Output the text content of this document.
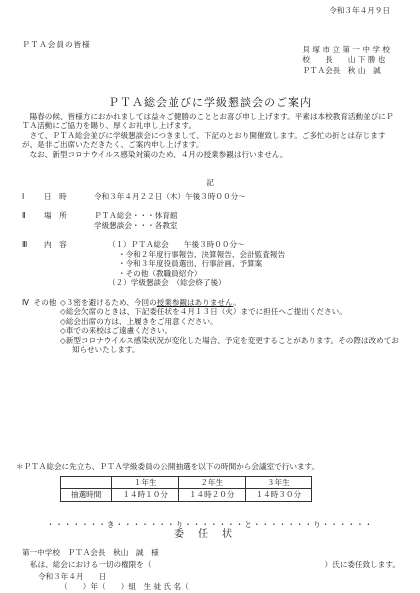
令和３年４月９日
ＰＴＡ会員の皆様
貝 塚 市 立 第 一 中 学 校
校　　長　　山 下 勝 也
ＰＴＡ会長　秋 山　誠
ＰＴＡ総会並びに学級懇談会のご案内

陽春の候、皆様方におかれましては益々ご健勝のこととお喜び申し上げます。平素は本校教育活動並びにＰＴＡ活動にご協力を賜り、厚くお礼申し上げます。

さて、ＰＴＡ総会並びに学級懇談会につきまして、下記のとおり開催致します。ご多忙の折とは存じますが、是非ご出席いただきたく、ご案内申し上げます。

なお、新型コロナウイルス感染対策のため、４月の授業参観は行いません。

記
Ⅰ	日　時	令和３年４月２２日（木）午後３時００分～
Ⅱ	場　所	ＰＴＡ総会・・・体育館
学級懇談会・・・各教室
Ⅲ	内　容	（１）ＰＴＡ総会　　午後３時００分～
・令和２年度行事報告、決算報告、会計監査報告
・令和３年度役員選出、行事計画、予算案
・その他（教職員紹介）
（２）学級懇談会　（総会終了後）
Ⅳ その他 ◇３密を避けるため、今回の授業参観はありません。
◇総会欠席のときは、下記委任状を４月１３日（火）までに担任へご提出ください。
◇総会出席の方は、上履きをご用意ください。
◇車での来校はご遠慮ください。
◇新型コロナウイルス感染状況が変化した場合、予定を変更することがあります。その際は改めてお知らせいたします。
＊ＰＴＡ総会に先立ち、ＰＴＡ学級委員の公開抽選を以下の時間から会議室で行います。
	１年生	２年生	３年生
抽選時間	１４時１０分	１４時２０分	１４時３０分
・・・・・・・き・・・・・・・り・・・・・・・と・・・・・・・り・・・・・・
委任状
第一中学校　ＰＴＡ会長　秋山　誠　様
私は、総会における一切の権限を（	）氏に委任致します。
令和３年４月　　日
（　　）年（　　）組　生 徒 氏 名（
